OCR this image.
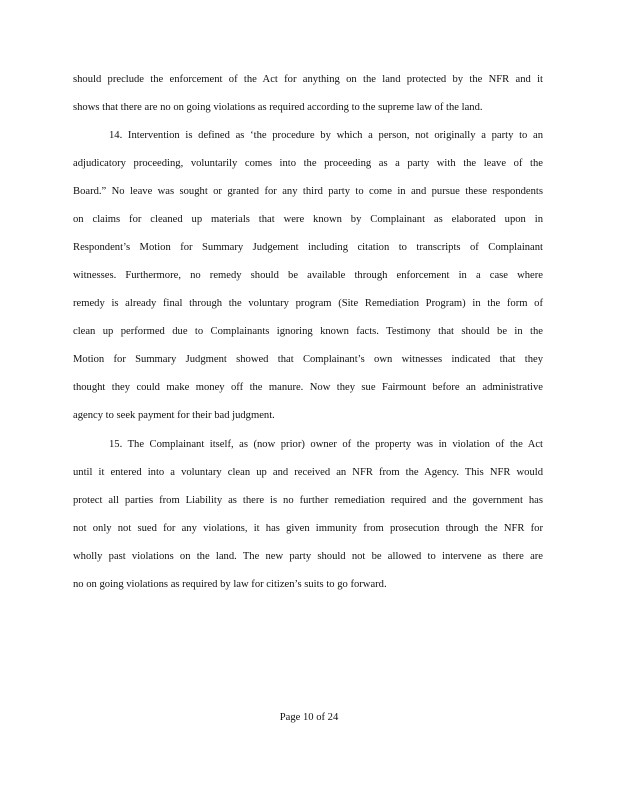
should preclude the enforcement of the Act for anything on the land protected by the NFR and it
shows that there are no on going violations as required according to the supreme law of the land.
14. Intervention is defined as ‘the procedure by which a person, not originally a party to an
adjudicatory proceeding, voluntarily comes into the proceeding as a party with the leave of the
Board.” No leave was sought or granted for any third party to come in and pursue these respondents
on claims for cleaned up materials that were known by Complainant as elaborated upon in
Respondent’s Motion for Summary Judgement including citation to transcripts of Complainant
witnesses. Furthermore, no remedy should be available through enforcement in a case where
remedy is already final through the voluntary program (Site Remediation Program) in the form of
clean up performed due to Complainants ignoring known facts. Testimony that should be in the
Motion for Summary Judgment showed that Complainant’s own witnesses indicated that they
thought they could make money off the manure. Now they sue Fairmount before an administrative
agency to seek payment for their bad judgment.
15. The Complainant itself, as (now prior) owner of the property was in violation of the Act
until it entered into a voluntary clean up and received an NFR from the Agency. This NFR would
protect all parties from Liability as there is no further remediation required and the government has
not only not sued for any violations, it has given immunity from prosecution through the NFR for
wholly past violations on the land. The new party should not be allowed to intervene as there are
no on going violations as required by law for citizen’s suits to go forward.
Page 10 of 24
